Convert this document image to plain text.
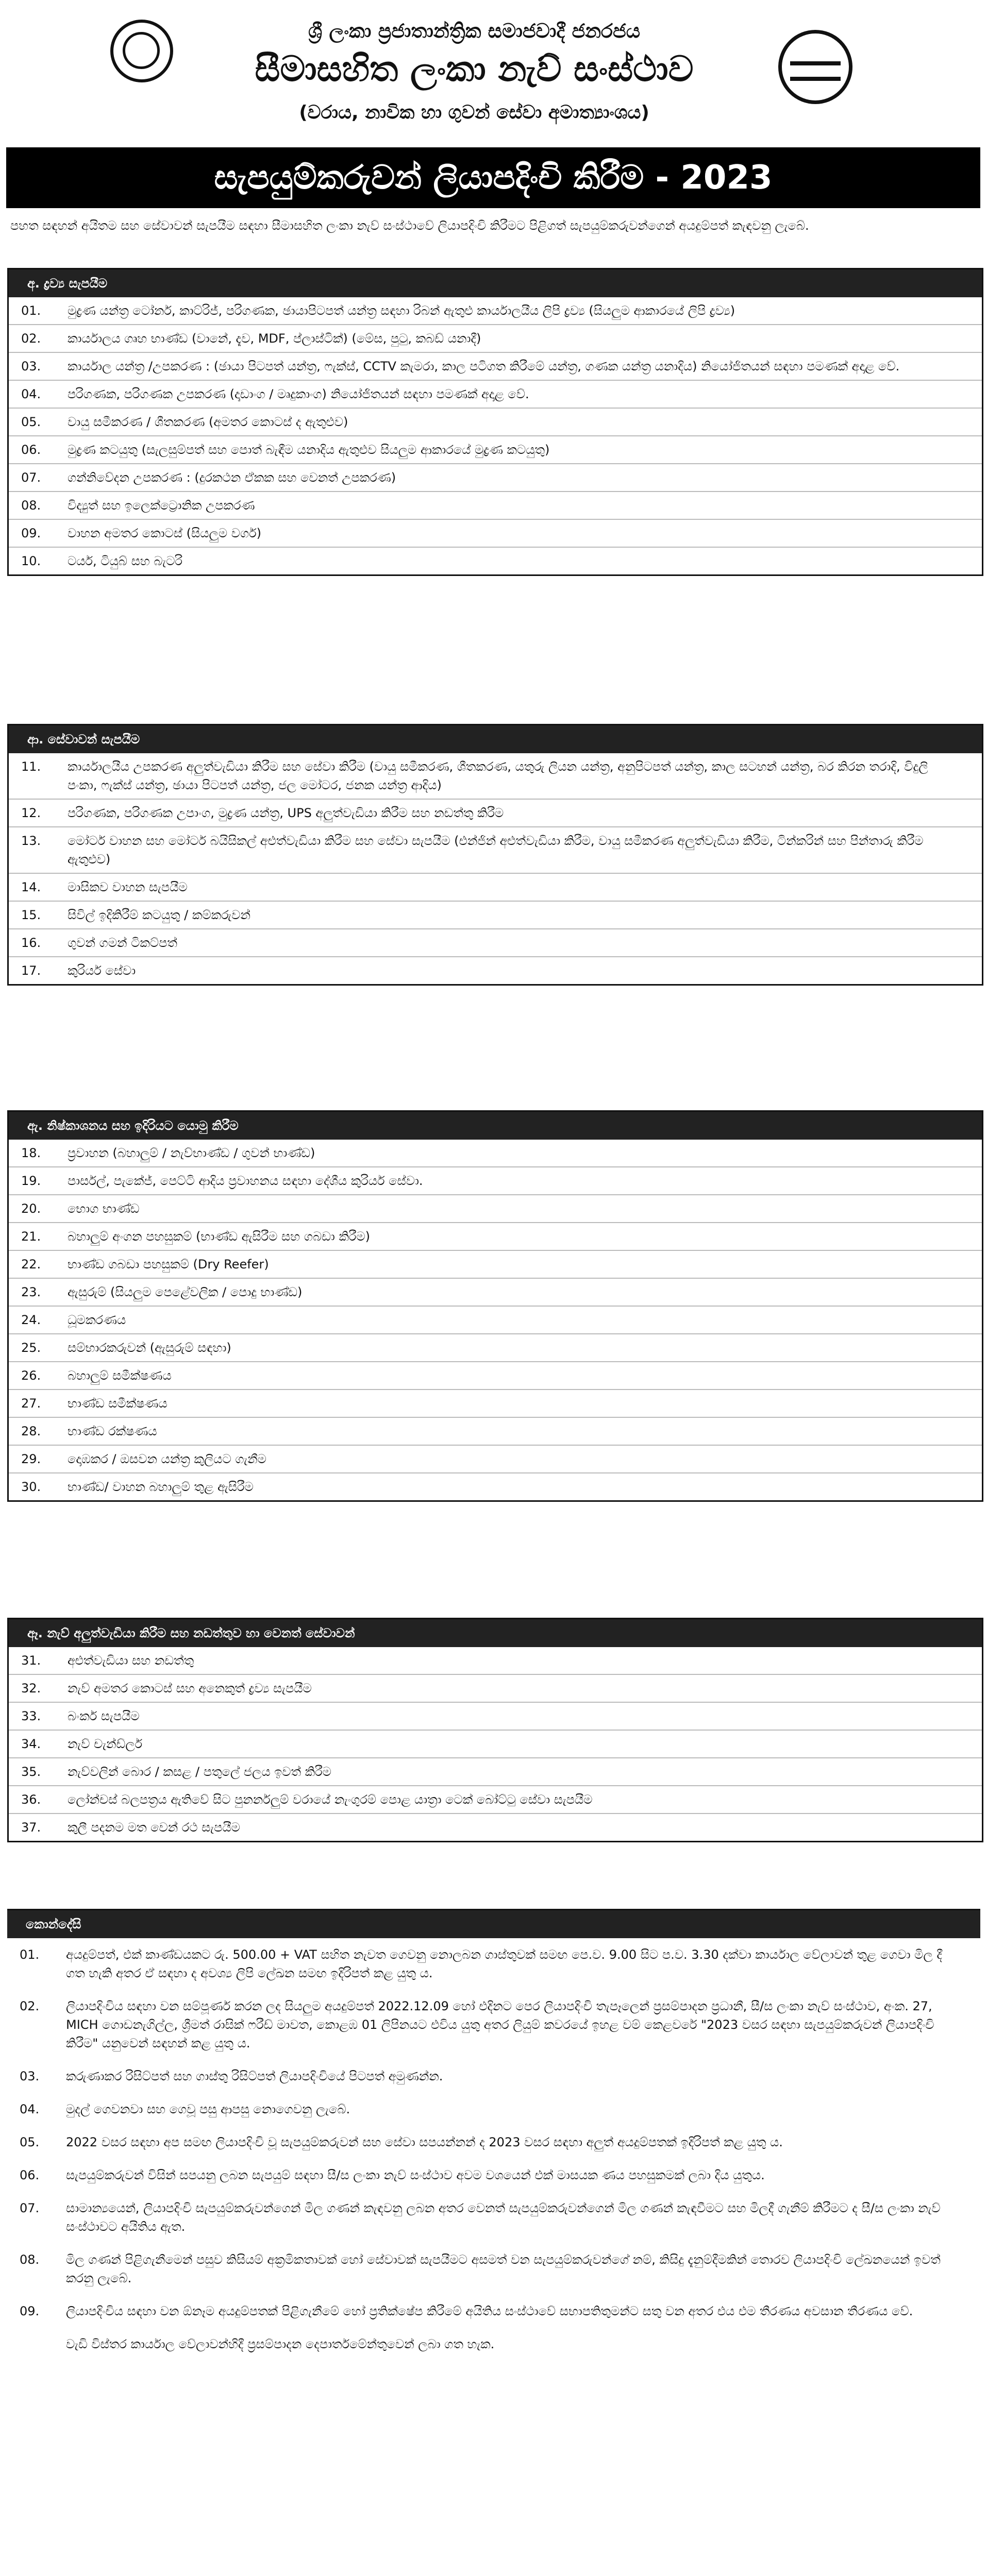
ශ්‍රී ලංකා ප්‍රජාතාන්ත්‍රික සමාජවාදී ජනරජය
සීමාසහිත ලංකා නැව් සංස්ථාව
(වරාය, නාවික හා ගුවන් සේවා අමාත්‍යාංශය)
සැපයුම්කරුවන් ලියාපදිංචි කිරීම - 2023
පහත සඳහන් අයිතම සහ සේවාවන් සැපයීම සඳහා සීමාසහිත ලංකා නැව් සංස්ථාවේ ලියාපදිංචි කිරීමට පිළිගත් සැපයුම්කරුවන්ගෙන් අයදුම්පත් කැඳවනු ලැබේ.
අ. ද්‍රව්‍ය සැපයීම
01.	මුද්‍රණ යන්ත්‍ර ටෝනර්, කාට්රිජ්, පරිගණක, ඡායාපිටපත් යන්ත්‍ර සඳහා රිබන් ඇතුළු කාර්යාලයීය ලිපි ද්‍රව්‍ය (සියලුම ආකාරයේ ලිපි ද්‍රව්‍ය)
02.	කාර්යාලය ගෘහ භාණ්ඩ (වානේ, දැව, MDF, ප්ලාස්ටික්) (මේස, පුටු, කබඩ් යනාදී)
03.	කාර්යාල යන්ත්‍ර /උපකරණ : (ඡායා පිටපත් යන්ත්‍ර, ෆැක්ස්, CCTV කැමරා, කාල පටිගත කිරීමේ යන්ත්‍ර, ගණක යන්ත්‍ර යනාදිය) නියෝජිතයන් සඳහා පමණක් අදාළ වේ.
04.	පරිගණක, පරිගණක උපකරණ (දෘඩාංග / මෘදුකාංග) නියෝජිතයන් සඳහා පමණක් අදාළ වේ.
05.	වායු සමීකරණ / ශීතකරණ (අමතර කොටස් ද ඇතුළුව)
06.	මුද්‍රණ කටයුතු (සැලසුම්පත් සහ පොත් බැඳීම යනාදිය ඇතුළුව සියලුම ආකාරයේ මුද්‍රණ කටයුතු)
07.	ගන්නිවේදන උපකරණ : (දුරකථන ඒකක සහ වෙනත් උපකරණ)
08.	විද්‍යුත් සහ ඉලෙක්ට්‍රොනික උපකරණ
09.	වාහන අමතර කොටස් (සියලුම වර්ග)
10.	ටයර්, ටියුබ් සහ බැටරි
ආ. සේවාවන් සැපයීම
11.	කාර්යාලයීය උපකරණ අලුත්වැඩියා කිරීම සහ සේවා කිරීම (වායු සමීකරණ, ශීතකරණ, යතුරු ලියන යන්ත්‍ර, අනුපිටපත් යන්ත්‍ර, කාල සටහන් යන්ත්‍ර, බර කිරන තරාදි, විදුලි පංකා, ෆැක්ස් යන්ත්‍ර, ඡායා පිටපත් යන්ත්‍ර, ජල මෝටර, ජනක යන්ත්‍ර ආදිය)
12.	පරිගණක, පරිගණක උපාංග, මුද්‍රණ යන්ත්‍ර, UPS අලුත්වැඩියා කිරීම සහ නඩත්තු කිරීම
13.	මෝටර් වාහන සහ මෝටර් බයිසිකල් අළුත්වැඩියා කිරීම සහ සේවා සැපයීම (එන්ජින් අළුත්වැඩියා කිරීම, වායු සමීකරණ අලුත්වැඩියා කිරීම, ටින්කරින් සහ පින්තාරු කිරීම ඇතුළුව)
14.	මාසිකව වාහන සැපයීම
15.	සිවිල් ඉදිකිරීම් කටයුතු / කම්කරුවන්
16.	ගුවන් ගමන් ටිකට්පත්
17.	කුරියර් සේවා
ඇ. නිෂ්කාශනය සහ ඉදිරියට යොමු කිරීම
18.	ප්‍රවාහන (බහාලුම් / නැව්භාණ්ඩ / ගුවන් භාණ්ඩ)
19.	පාර්සල්, පැකේජ්, පෙට්ටි ආදිය ප්‍රවාහනය සඳහා දේශීය කුරියර් සේවා.
20.	භොග භාණ්ඩ
21.	බහාලුම් අංගන පහසුකම් (භාණ්ඩ ඇසිරීම සහ ගබඩා කිරීම)
22.	භාණ්ඩ ගබඩා පහසුකම් (Dry Reefer)
23.	ඇසුරුම් (සියලුම පෙළේවලික / පොදු භාණ්ඩ)
24.	ධූමකරණය
25.	සම්භාරකරුවන් (ඇසුරුම් සඳහා)
26.	බහාලුම් සමීක්ෂණය
27.	භාණ්ඩ සමීක්ෂණය
28.	භාණ්ඩ රක්ෂණය
29.	දොඹකර / ඔසවන යන්ත්‍ර කුලියට ගැනීම
30.	භාණ්ඩ/ වාහන බහාලුම් තුළ ඇසිරීම
ඈ. නැව් අලුත්වැඩියා කිරීම සහ නඩත්තුව හා වෙනත් සේවාවන්
31.	අළුත්වැඩියා සහ නඩත්තු
32.	නැව් අමතර කොටස් සහ අනෙකුත් ද්‍රව්‍ය සැපයීම
33.	බංකර් සැපයීම
34.	නැව් චැන්ඩ්ලර්
35.	නැව්වලින් බොර / කසළ / පතුලේ ජලය ඉවත් කිරීම
36.	ලෝන්චස් බලපත්‍රය ඇතිවේ සිට පුනර්නලුම් වරායේ නැංගුරම් පොළ යාත්‍රා ටෙක් බෝට්ටු සේවා සැපයීම
37.	කුලී පදනම මත වෙන් රථ සැපයීම
කොන්දේසි
01.	අයදුම්පත්, එක් කාණ්ඩයකට රු. 500.00 + VAT සහිත නැවත ගෙවනු නොලබන ගාස්තුවක් සමඟ පෙ.ව. 9.00 සිට ප.ව. 3.30 දක්වා කාර්යාල වේලාවන් තුළ ගෙවා මිල දී ගත හැකි අතර ඒ සඳහා ද අවශ්‍ය ලිපි ලේඛන සමඟ ඉදිරිපත් කළ යුතු ය.
02.	ලියාපදිංචිය සඳහා වන සම්පූර්ණ කරන ලද සියලුම අයදුම්පත් 2022.12.09 හෝ එදිනට පෙර ලියාපදිංචි තැපෑලෙන් ප්‍රසම්පාදන ප්‍රධානී, සී/ස ලංකා නැව් සංස්ථාව, අංක. 27, MICH ගොඩනැගිල්ල, ශ්‍රීමත් රාසික් ෆරීඩ් මාවත, කොළඹ 01 ලිපිනයට එවිය යුතු අතර ලියුම් කවරයේ ඉහළ වම් කෙළවරේ "2023 වසර සඳහා සැපයුම්කරුවන් ලියාපදිංචි කිරීම" යනුවෙන් සඳහන් කළ යුතු ය.
03.	කරුණාකර රිසිට්පත් සහ ගාස්තු රිසිට්පත් ලියාපදිංචියේ පිටපත් අමුණන්න.
04.	මුදල් ගෙවනවා සහ ගෙවූ පසු ආපසු නොගෙවනු ලැබේ.
05.	2022 වසර සඳහා අප සමඟ ලියාපදිංචි වූ සැපයුම්කරුවන් සහ සේවා සපයන්නන් ද 2023 වසර සඳහා අලුත් අයදුම්පතක් ඉදිරිපත් කළ යුතු ය.
06.	සැපයුම්කරුවන් විසින් සපයනු ලබන සැපයුම් සඳහා සී/ස ලංකා නැව් සංස්ථාව අවම වශයෙන් එක් මාසයක ණය පහසුකමක් ලබා දිය යුතුය.
07.	සාමාන්‍යයෙන්, ලියාපදිංචි සැපයුම්කරුවන්ගෙන් මිල ගණන් කැඳවනු ලබන අතර වෙනත් සැපයුම්කරුවන්ගෙන් මිල ගණන් කැඳවීමට සහ මිලදී ගැනීම් කිරීමට ද සී/ස ලංකා නැව් සංස්ථාවට අයිතිය ඇත.
08.	මිල ගණන් පිළිගැනීමෙන් පසුව කිසියම් අක්‍රමිකතාවක් හෝ සේවාවක් සැපයීමට අසමත් වන සැපයුම්කරුවන්ගේ නම්, කිසිදු දැනුම්දීමකින් තොරව ලියාපදිංචි ලේඛනයෙන් ඉවත් කරනු ලැබේ.
09.	ලියාපදිංචිය සඳහා වන ඕනෑම අයදුම්පතක් පිළිගැනීමේ හෝ ප්‍රතික්ෂේප කිරීමේ අයිතිය සංස්ථාවේ සභාපතිතුමන්ට සතු වන අතර එය එම තීරණය අවසාන තීරණය වේ.
වැඩි විස්තර කාර්යාල වේලාවන්හිදී ප්‍රසම්පාදන දෙපාර්තමේන්තුවෙන් ලබා ගත හැක.
